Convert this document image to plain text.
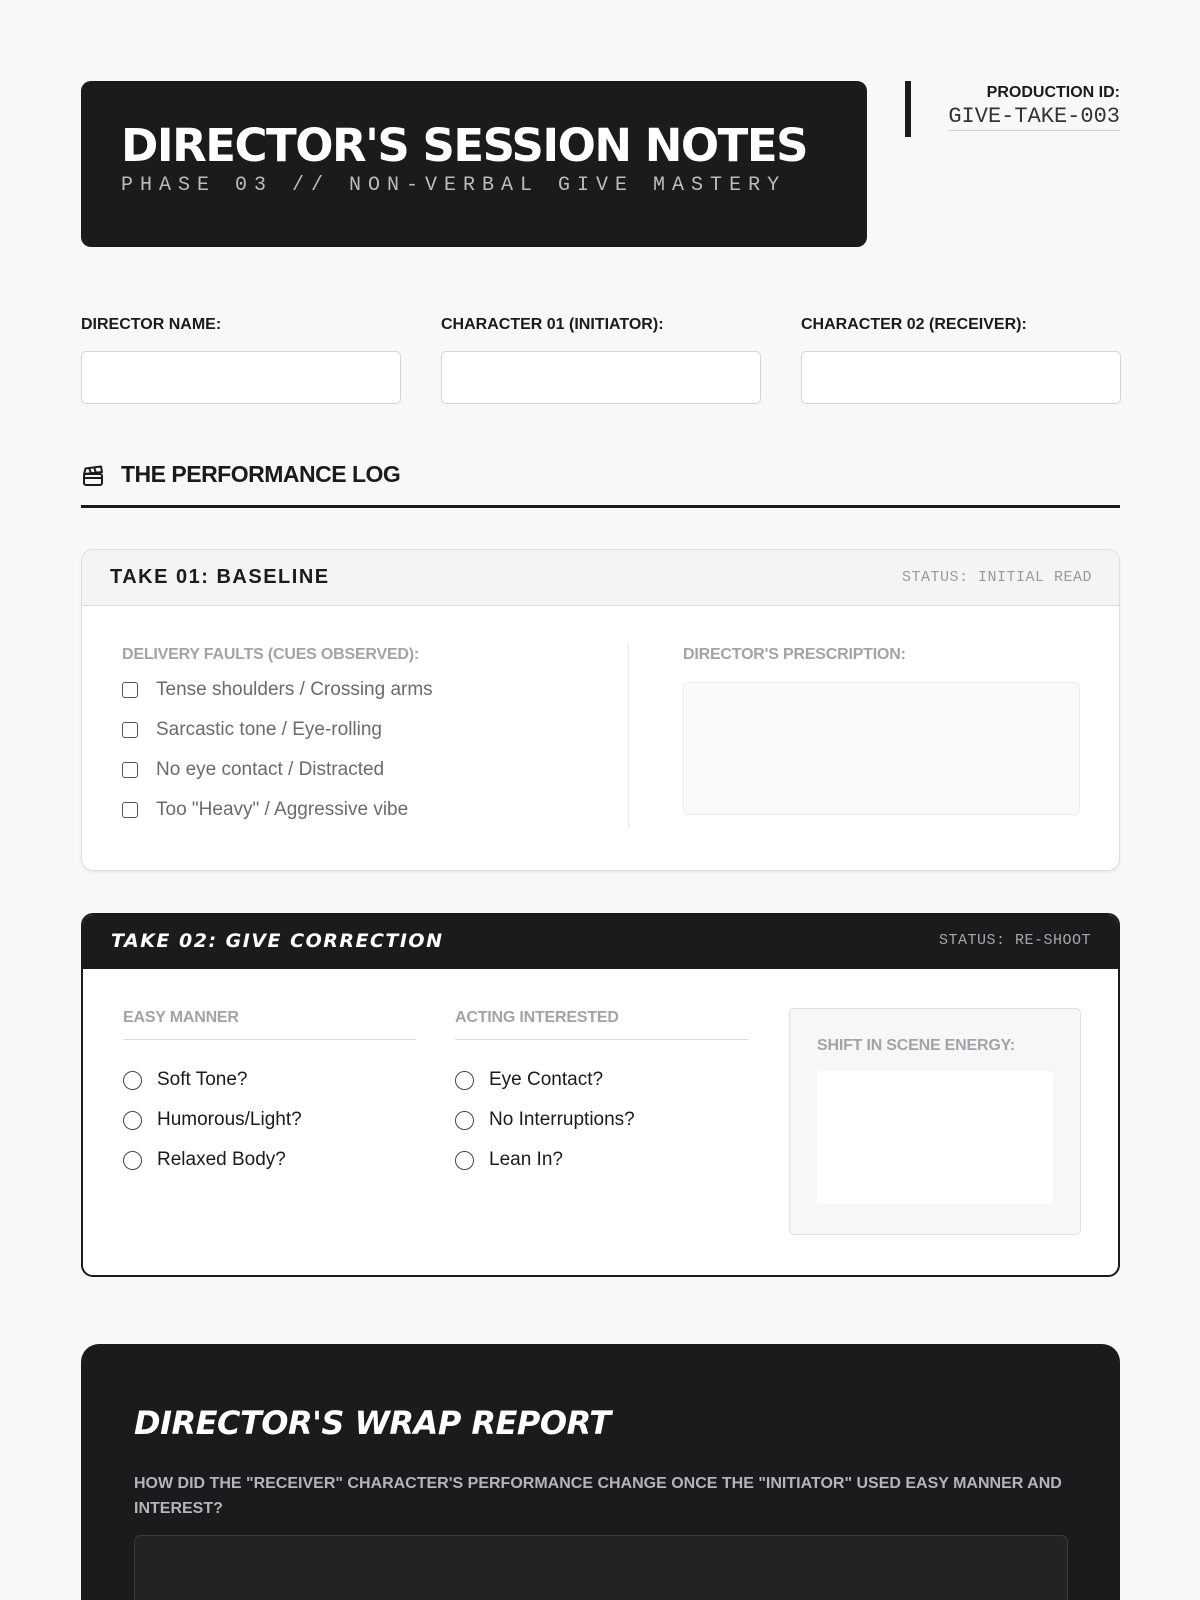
DIRECTOR'S SESSION NOTES
PHASE 03 // NON-VERBAL GIVE MASTERY
PRODUCTION ID:
GIVE-TAKE-003
DIRECTOR NAME:	CHARACTER 01 (INITIATOR):	CHARACTER 02 (RECEIVER):
THE PERFORMANCE LOG
TAKE 01: BASELINE	STATUS: INITIAL READ
DELIVERY FAULTS (CUES OBSERVED):
Tense shoulders / Crossing arms
Sarcastic tone / Eye-rolling
No eye contact / Distracted
Too "Heavy" / Aggressive vibe
DIRECTOR'S PRESCRIPTION:
TAKE 02: GIVE CORRECTION	STATUS: RE-SHOOT
EASY MANNER
Soft Tone?
Humorous/Light?
Relaxed Body?
ACTING INTERESTED
Eye Contact?
No Interruptions?
Lean In?
SHIFT IN SCENE ENERGY:
DIRECTOR'S WRAP REPORT
HOW DID THE "RECEIVER" CHARACTER'S PERFORMANCE CHANGE ONCE THE "INITIATOR" USED EASY MANNER AND INTEREST?
